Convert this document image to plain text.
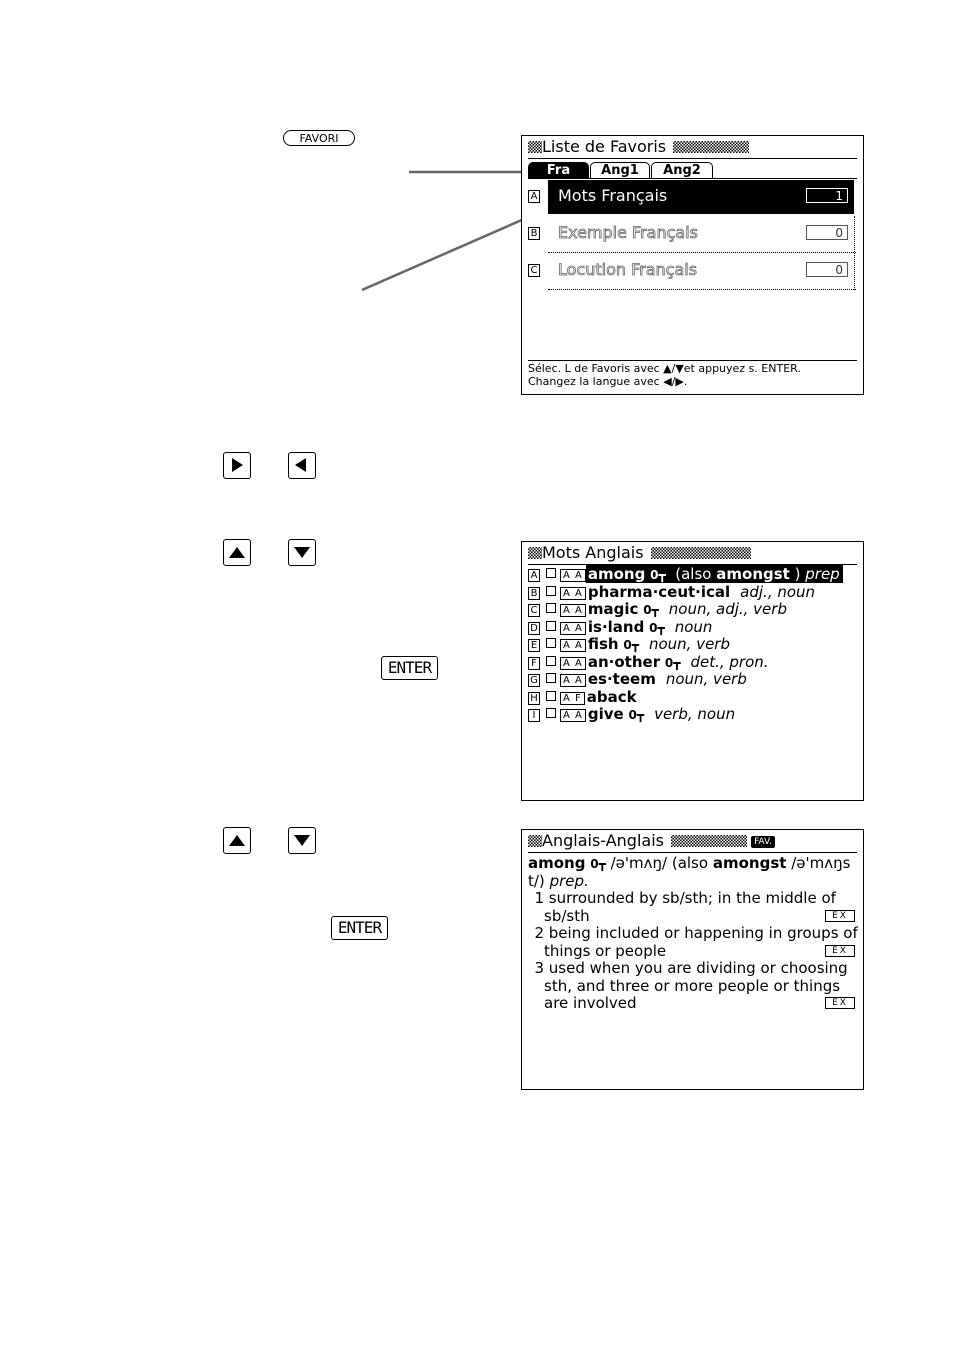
FAVORI
ENTER
ENTER
Liste de Favoris
Fra	Ang1	Ang2
A Mots Français	1
B Exemple Français	0
C Locution Français	0
Sélec. L de Favoris avec ▲/▼et appuyez s. ENTER.
Changez la langue avec ◀/▶.
Mots Anglais
A	A A among 0┳ (also amongst ) prep
B	A A pharma·ceut·ical adj., noun
C	A A magic 0┳ noun, adj., verb
D	A A is·land 0┳ noun
E	A A fish 0┳ noun, verb
F	A A an·other 0┳ det., pron.
G	A A es·teem noun, verb
H	A F aback
I	A A give 0┳ verb, noun
Anglais-Anglais	FAV.
among 0┳ /ə'mʌŋ/ (also amongst /ə'mʌŋs
t/) prep.
1 surrounded by sb/sth; in the middle of
sb/sth	EX
2 being included or happening in groups of
things or people	EX
3 used when you are dividing or choosing
sth, and three or more people or things
are involved	EX
